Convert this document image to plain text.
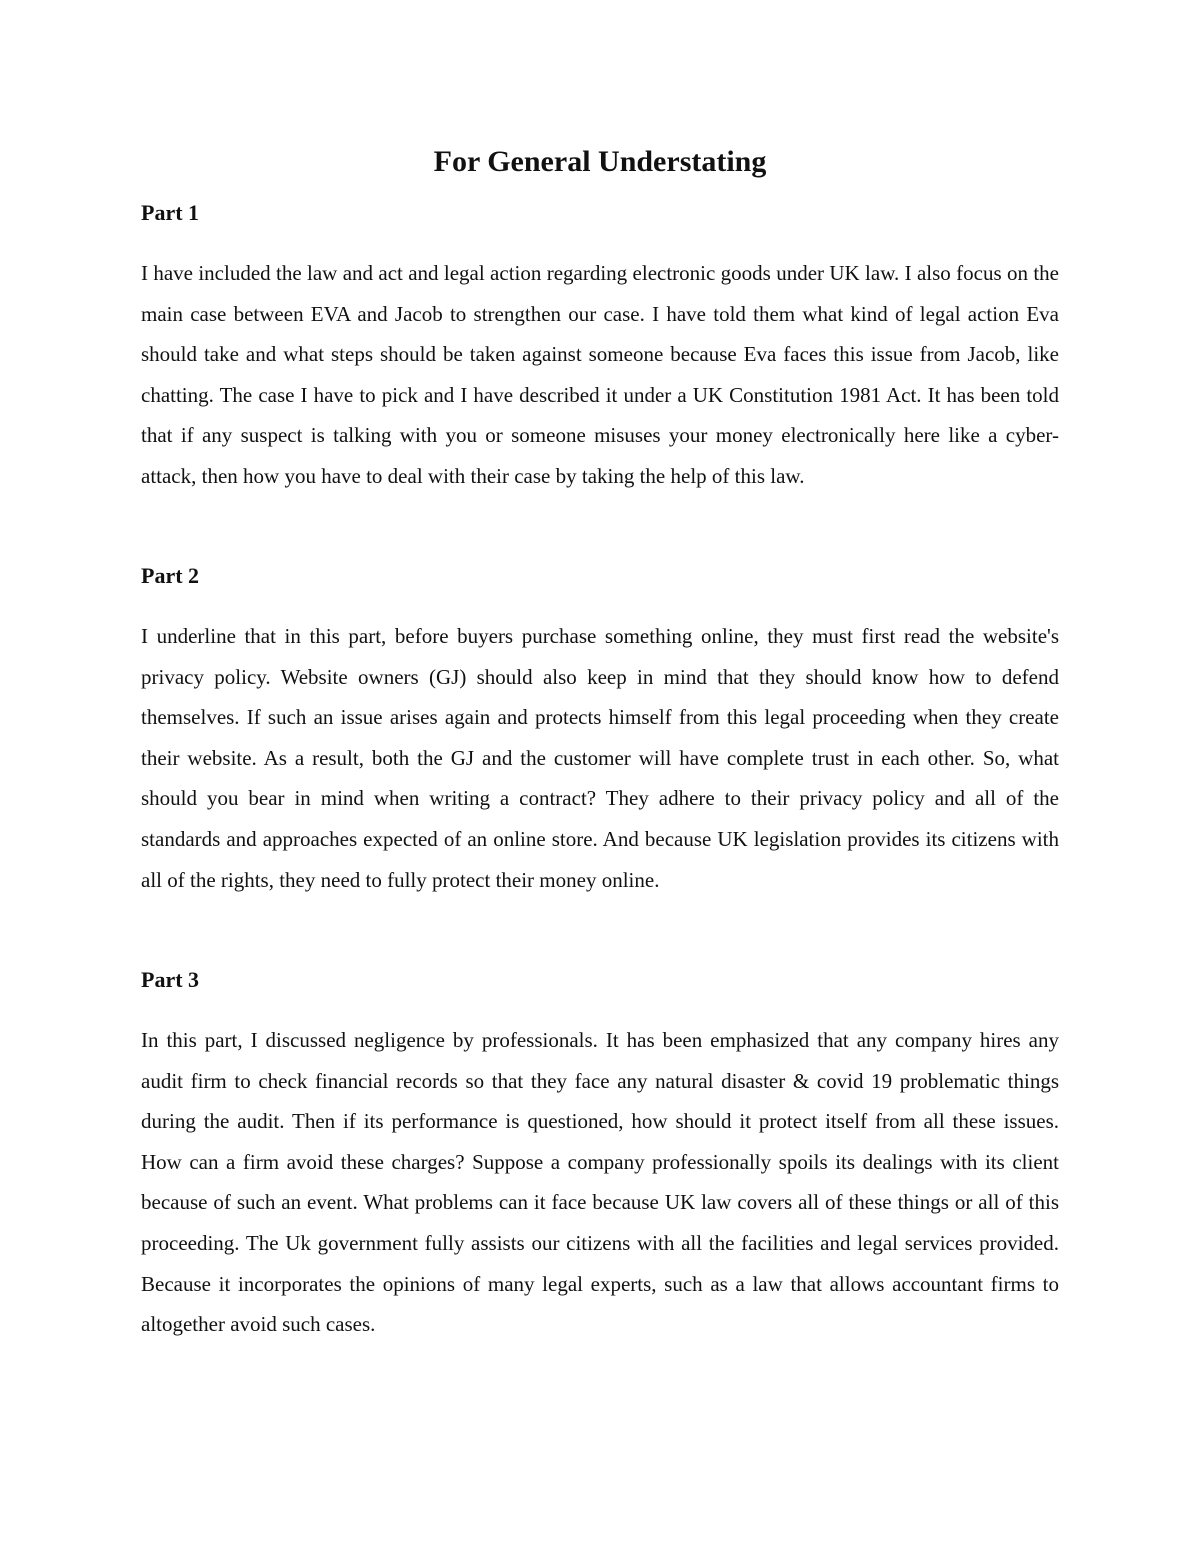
For General Understating
Part 1

I have included the law and act and legal action regarding electronic goods under UK law. I also focus on the main case between EVA and Jacob to strengthen our case. I have told them what kind of legal action Eva should take and what steps should be taken against someone because Eva faces this issue from Jacob, like chatting. The case I have to pick and I have described it under a UK Constitution 1981 Act. It has been told that if any suspect is talking with you or someone misuses your money electronically here like a cyber-attack, then how you have to deal with their case by taking the help of this law.

Part 2

I underline that in this part, before buyers purchase something online, they must first read the website's privacy policy. Website owners (GJ) should also keep in mind that they should know how to defend themselves. If such an issue arises again and protects himself from this legal proceeding when they create their website. As a result, both the GJ and the customer will have complete trust in each other. So, what should you bear in mind when writing a contract? They adhere to their privacy policy and all of the standards and approaches expected of an online store. And because UK legislation provides its citizens with all of the rights, they need to fully protect their money online.

Part 3

In this part, I discussed negligence by professionals. It has been emphasized that any company hires any audit firm to check financial records so that they face any natural disaster & covid 19 problematic things during the audit. Then if its performance is questioned, how should it protect itself from all these issues. How can a firm avoid these charges? Suppose a company professionally spoils its dealings with its client because of such an event. What problems can it face because UK law covers all of these things or all of this proceeding. The Uk government fully assists our citizens with all the facilities and legal services provided. Because it incorporates the opinions of many legal experts, such as a law that allows accountant firms to altogether avoid such cases.
